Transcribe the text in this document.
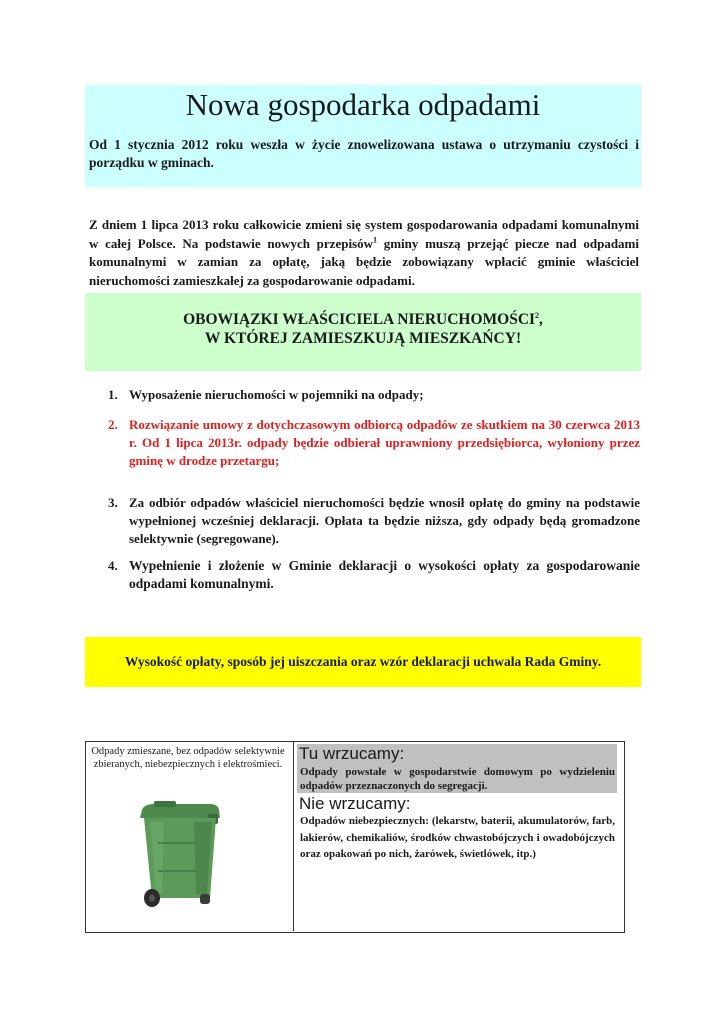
Nowa gospodarka odpadami
Od 1 stycznia 2012 roku weszła w życie znowelizowana ustawa o utrzymaniu czystości i porządku w gminach.
Z dniem 1 lipca 2013 roku całkowicie zmieni się system gospodarowania odpadami komunalnymi w całej Polsce. Na podstawie nowych przepisów$^1$ gminy muszą przejąć piecze nad odpadami komunalnymi w zamian za opłatę, jaką będzie zobowiązany wpłacić gminie właściciel nieruchomości zamieszkałej za gospodarowanie odpadami.
OBOWIĄZKI WŁAŚCICIELA NIERUCHOMOŚCI$^2$,
W KTÓREJ ZAMIESZKUJĄ MIESZKAŃCY!
1. Wyposażenie nieruchomości w pojemniki na odpady;
2. Rozwiązanie umowy z dotychczasowym odbiorcą odpadów ze skutkiem na 30 czerwca 2013 r. Od 1 lipca 2013r. odpady będzie odbierał uprawniony przedsiębiorca, wyłoniony przez gminę w drodze przetargu;
3. Za odbiór odpadów właściciel nieruchomości będzie wnosił opłatę do gminy na podstawie wypełnionej wcześniej deklaracji. Opłata ta będzie niższa, gdy odpady będą gromadzone selektywnie (segregowane).
4. Wypełnienie i złożenie w Gminie deklaracji o wysokości opłaty za gospodarowanie odpadami komunalnymi.
Wysokość opłaty, sposób jej uiszczania oraz wzór deklaracji uchwala Rada Gminy.
Odpady zmieszane, bez odpadów selektywnie zbieranych, niebezpiecznych i elektrośmieci.
Tu wrzucamy:
Odpady powstałe w gospodarstwie domowym po wydzieleniu odpadów przeznaczonych do segregacji.
Nie wrzucamy:
Odpadów niebezpiecznych: (lekarstw, baterii, akumulatorów, farb, lakierów, chemikaliów, środków chwastobójczych i owadobójczych oraz opakowań po nich, żarówek, świetlówek, itp.)
